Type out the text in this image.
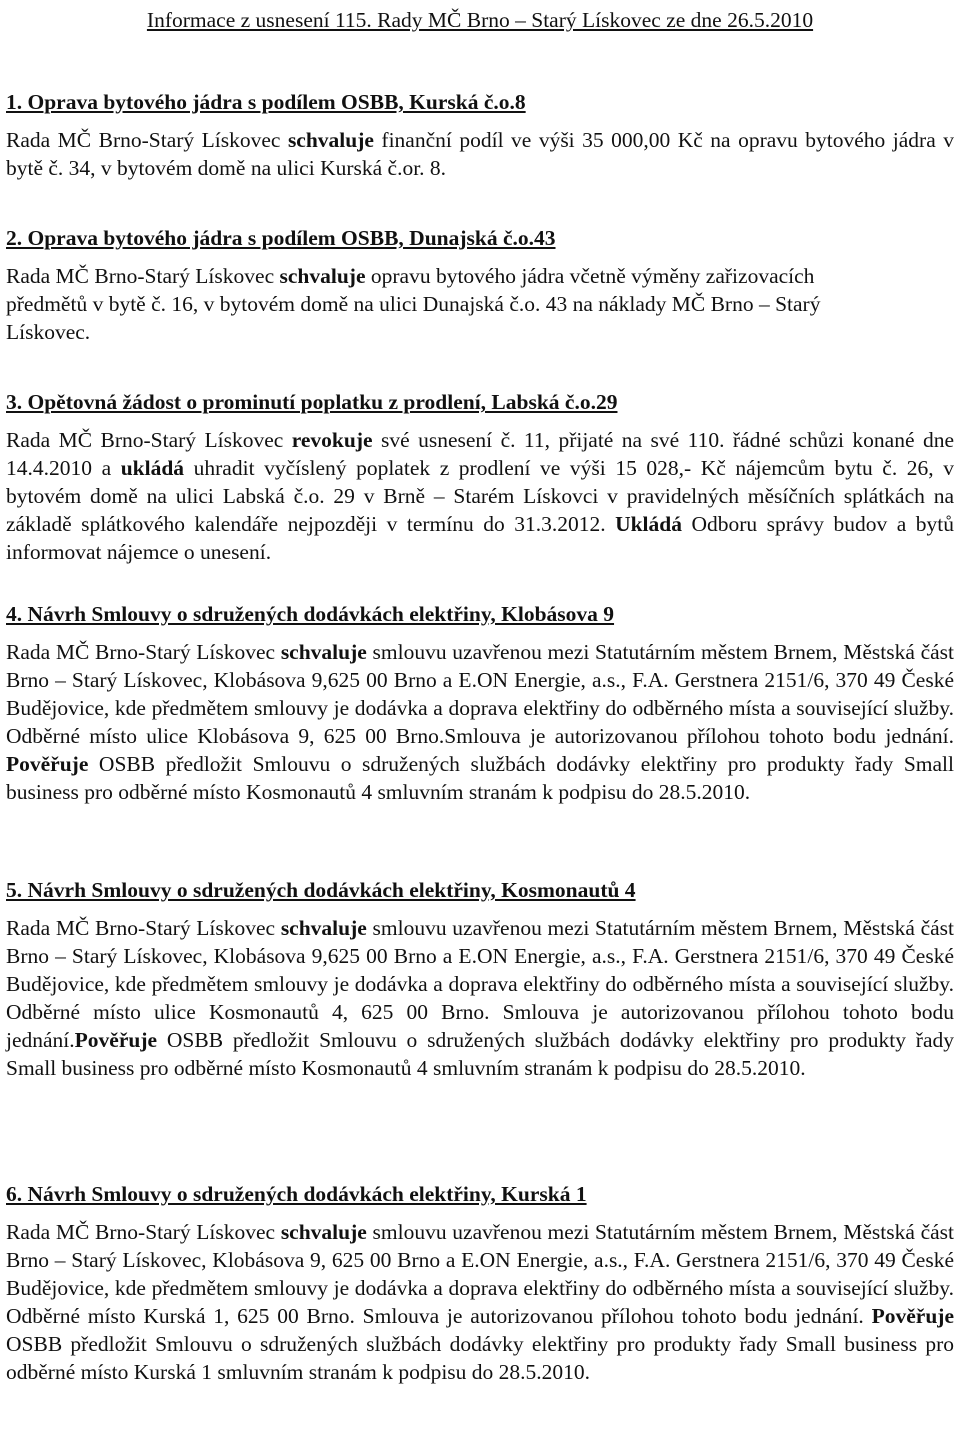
Informace z usnesení 115. Rady MČ Brno – Starý Lískovec ze dne 26.5.2010
1. Oprava bytového jádra s podílem OSBB, Kurská č.o.8

Rada MČ Brno-Starý Lískovec schvaluje finanční podíl ve výši 35 000,00 Kč na opravu bytového jádra v bytě č. 34, v bytovém domě na ulici Kurská č.or. 8.

2. Oprava bytového jádra s podílem OSBB, Dunajská č.o.43

Rada MČ Brno-Starý Lískovec schvaluje opravu bytového jádra včetně výměny zařizovacích předmětů v bytě č. 16, v bytovém domě na ulici Dunajská č.o. 43 na náklady MČ Brno – Starý Lískovec.

3. Opětovná žádost o prominutí poplatku z prodlení, Labská č.o.29

Rada MČ Brno-Starý Lískovec revokuje své usnesení č. 11, přijaté na své 110. řádné schůzi konané dne 14.4.2010 a ukládá uhradit vyčíslený poplatek z prodlení ve výši 15 028,- Kč nájemcům bytu č. 26, v bytovém domě na ulici Labská č.o. 29 v Brně – Starém Lískovci v pravidelných měsíčních splátkách na základě splátkového kalendáře nejpozději v termínu do 31.3.2012. Ukládá Odboru správy budov a bytů informovat nájemce o unesení.

4. Návrh Smlouvy o sdružených dodávkách elektřiny, Klobásova 9

Rada MČ Brno-Starý Lískovec schvaluje smlouvu uzavřenou mezi Statutárním městem Brnem, Městská část Brno – Starý Lískovec, Klobásova 9,625 00 Brno a E.ON Energie, a.s., F.A. Gerstnera 2151/6, 370 49 České Budějovice, kde předmětem smlouvy je dodávka a doprava elektřiny do odběrného místa a související služby. Odběrné místo ulice Klobásova 9, 625 00 Brno.Smlouva je autorizovanou přílohou tohoto bodu jednání. Pověřuje OSBB předložit Smlouvu o sdružených službách dodávky elektřiny pro produkty řady Small business pro odběrné místo Kosmonautů 4 smluvním stranám k podpisu do 28.5.2010.

5. Návrh Smlouvy o sdružených dodávkách elektřiny, Kosmonautů 4

Rada MČ Brno-Starý Lískovec schvaluje smlouvu uzavřenou mezi Statutárním městem Brnem, Městská část Brno – Starý Lískovec, Klobásova 9,625 00 Brno a E.ON Energie, a.s., F.A. Gerstnera 2151/6, 370 49 České Budějovice, kde předmětem smlouvy je dodávka a doprava elektřiny do odběrného místa a související služby. Odběrné místo ulice Kosmonautů 4, 625 00 Brno. Smlouva je autorizovanou přílohou tohoto bodu jednání.Pověřuje OSBB předložit Smlouvu o sdružených službách dodávky elektřiny pro produkty řady Small business pro odběrné místo Kosmonautů 4 smluvním stranám k podpisu do 28.5.2010.

6. Návrh Smlouvy o sdružených dodávkách elektřiny, Kurská 1

Rada MČ Brno-Starý Lískovec schvaluje smlouvu uzavřenou mezi Statutárním městem Brnem, Městská část Brno – Starý Lískovec, Klobásova 9, 625 00 Brno a E.ON Energie, a.s., F.A. Gerstnera 2151/6, 370 49 České Budějovice, kde předmětem smlouvy je dodávka a doprava elektřiny do odběrného místa a související služby. Odběrné místo Kurská 1, 625 00 Brno. Smlouva je autorizovanou přílohou tohoto bodu jednání. Pověřuje OSBB předložit Smlouvu o sdružených službách dodávky elektřiny pro produkty řady Small business pro odběrné místo Kurská 1 smluvním stranám k podpisu do 28.5.2010.
